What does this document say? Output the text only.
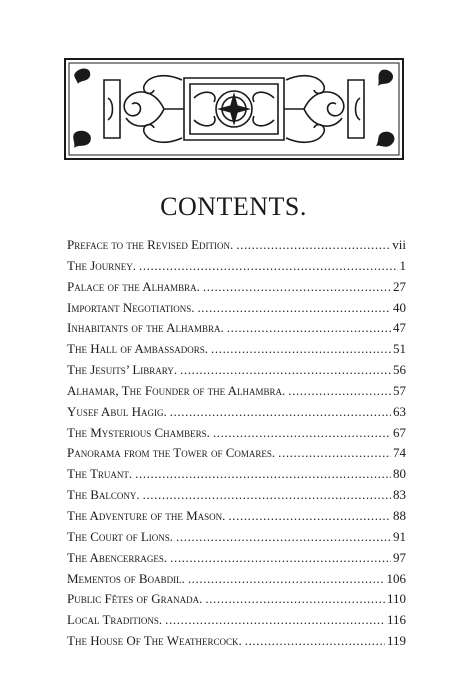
CONTENTS.
Preface to the Revised Edition. .....	vii
The Journey. .....	1
Palace of the Alhambra. .....	27
Important Negotiations. .....	40
Inhabitants of the Alhambra. .....	47
The Hall of Ambassadors. .....	51
The Jesuits’ Library. .....	56
Alhamar, The Founder of the Alhambra. .....	57
Yusef Abul Hagig. .....	63
The Mysterious Chambers. .....	67
Panorama from the Tower of Comares. .....	74
The Truant. .....	80
The Balcony. .....	83
The Adventure of the Mason. .....	88
The Court of Lions. .....	91
The Abencerrages. .....	97
Mementos of Boabdil. .....	106
Public Fêtes of Granada. .....	110
Local Traditions. .....	116
The House Of The Weathercock. .....	119
